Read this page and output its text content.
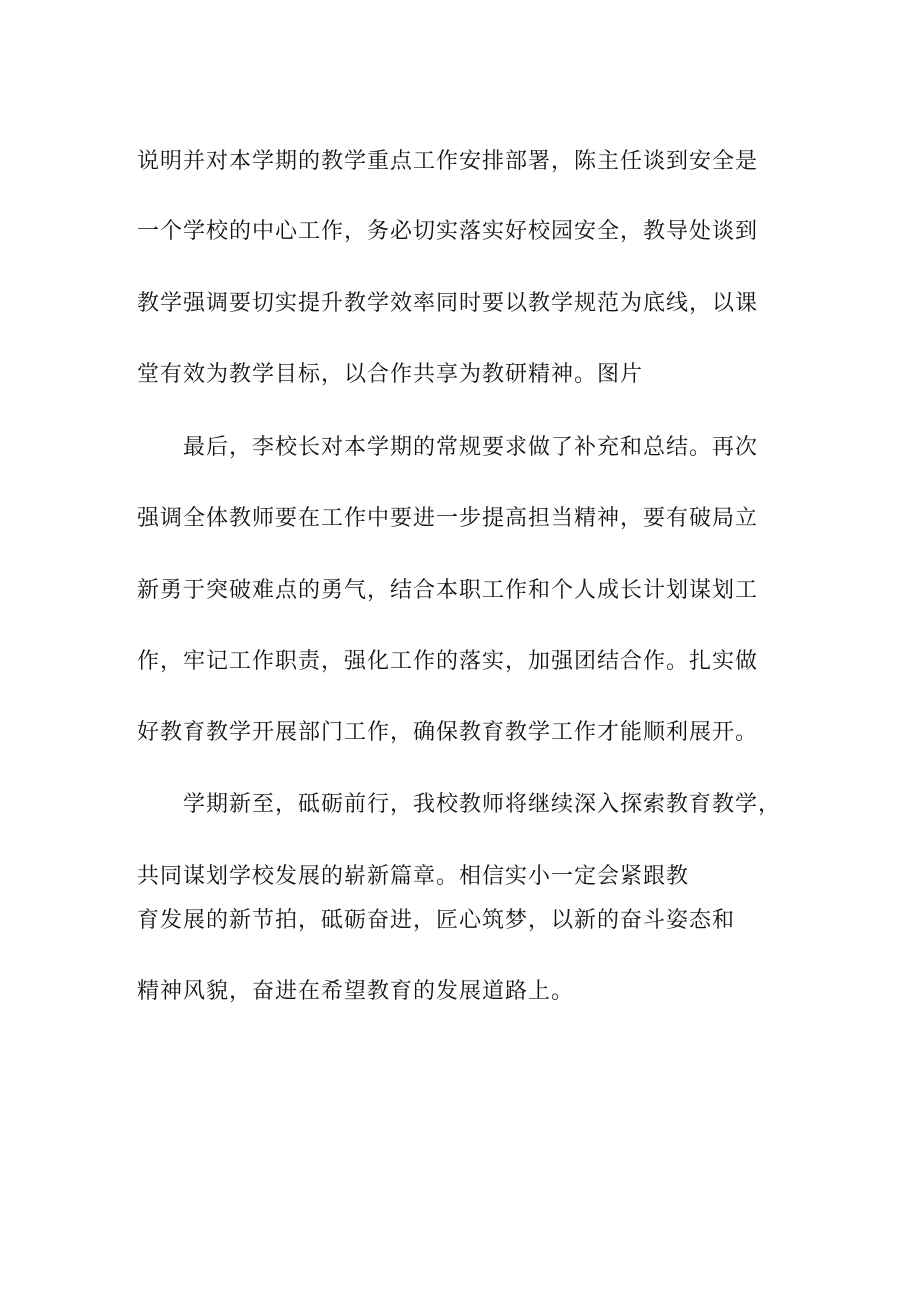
说明并对本学期的教学重点工作安排部署，陈主任谈到安全是
一个学校的中心工作，务必切实落实好校园安全，教导处谈到
教学强调要切实提升教学效率同时要以教学规范为底线，以课
堂有效为教学目标，以合作共享为教研精神。图片
　　最后，李校长对本学期的常规要求做了补充和总结。再次
强调全体教师要在工作中要进一步提高担当精神，要有破局立
新勇于突破难点的勇气，结合本职工作和个人成长计划谋划工
作，牢记工作职责，强化工作的落实，加强团结合作。扎实做
好教育教学开展部门工作，确保教育教学工作才能顺利展开。
　　学期新至，砥砺前行，我校教师将继续深入探索教育教学，
共同谋划学校发展的崭新篇章。相信实小一定会紧跟教
育发展的新节拍，砥砺奋进，匠心筑梦，以新的奋斗姿态和
精神风貌，奋进在希望教育的发展道路上。
